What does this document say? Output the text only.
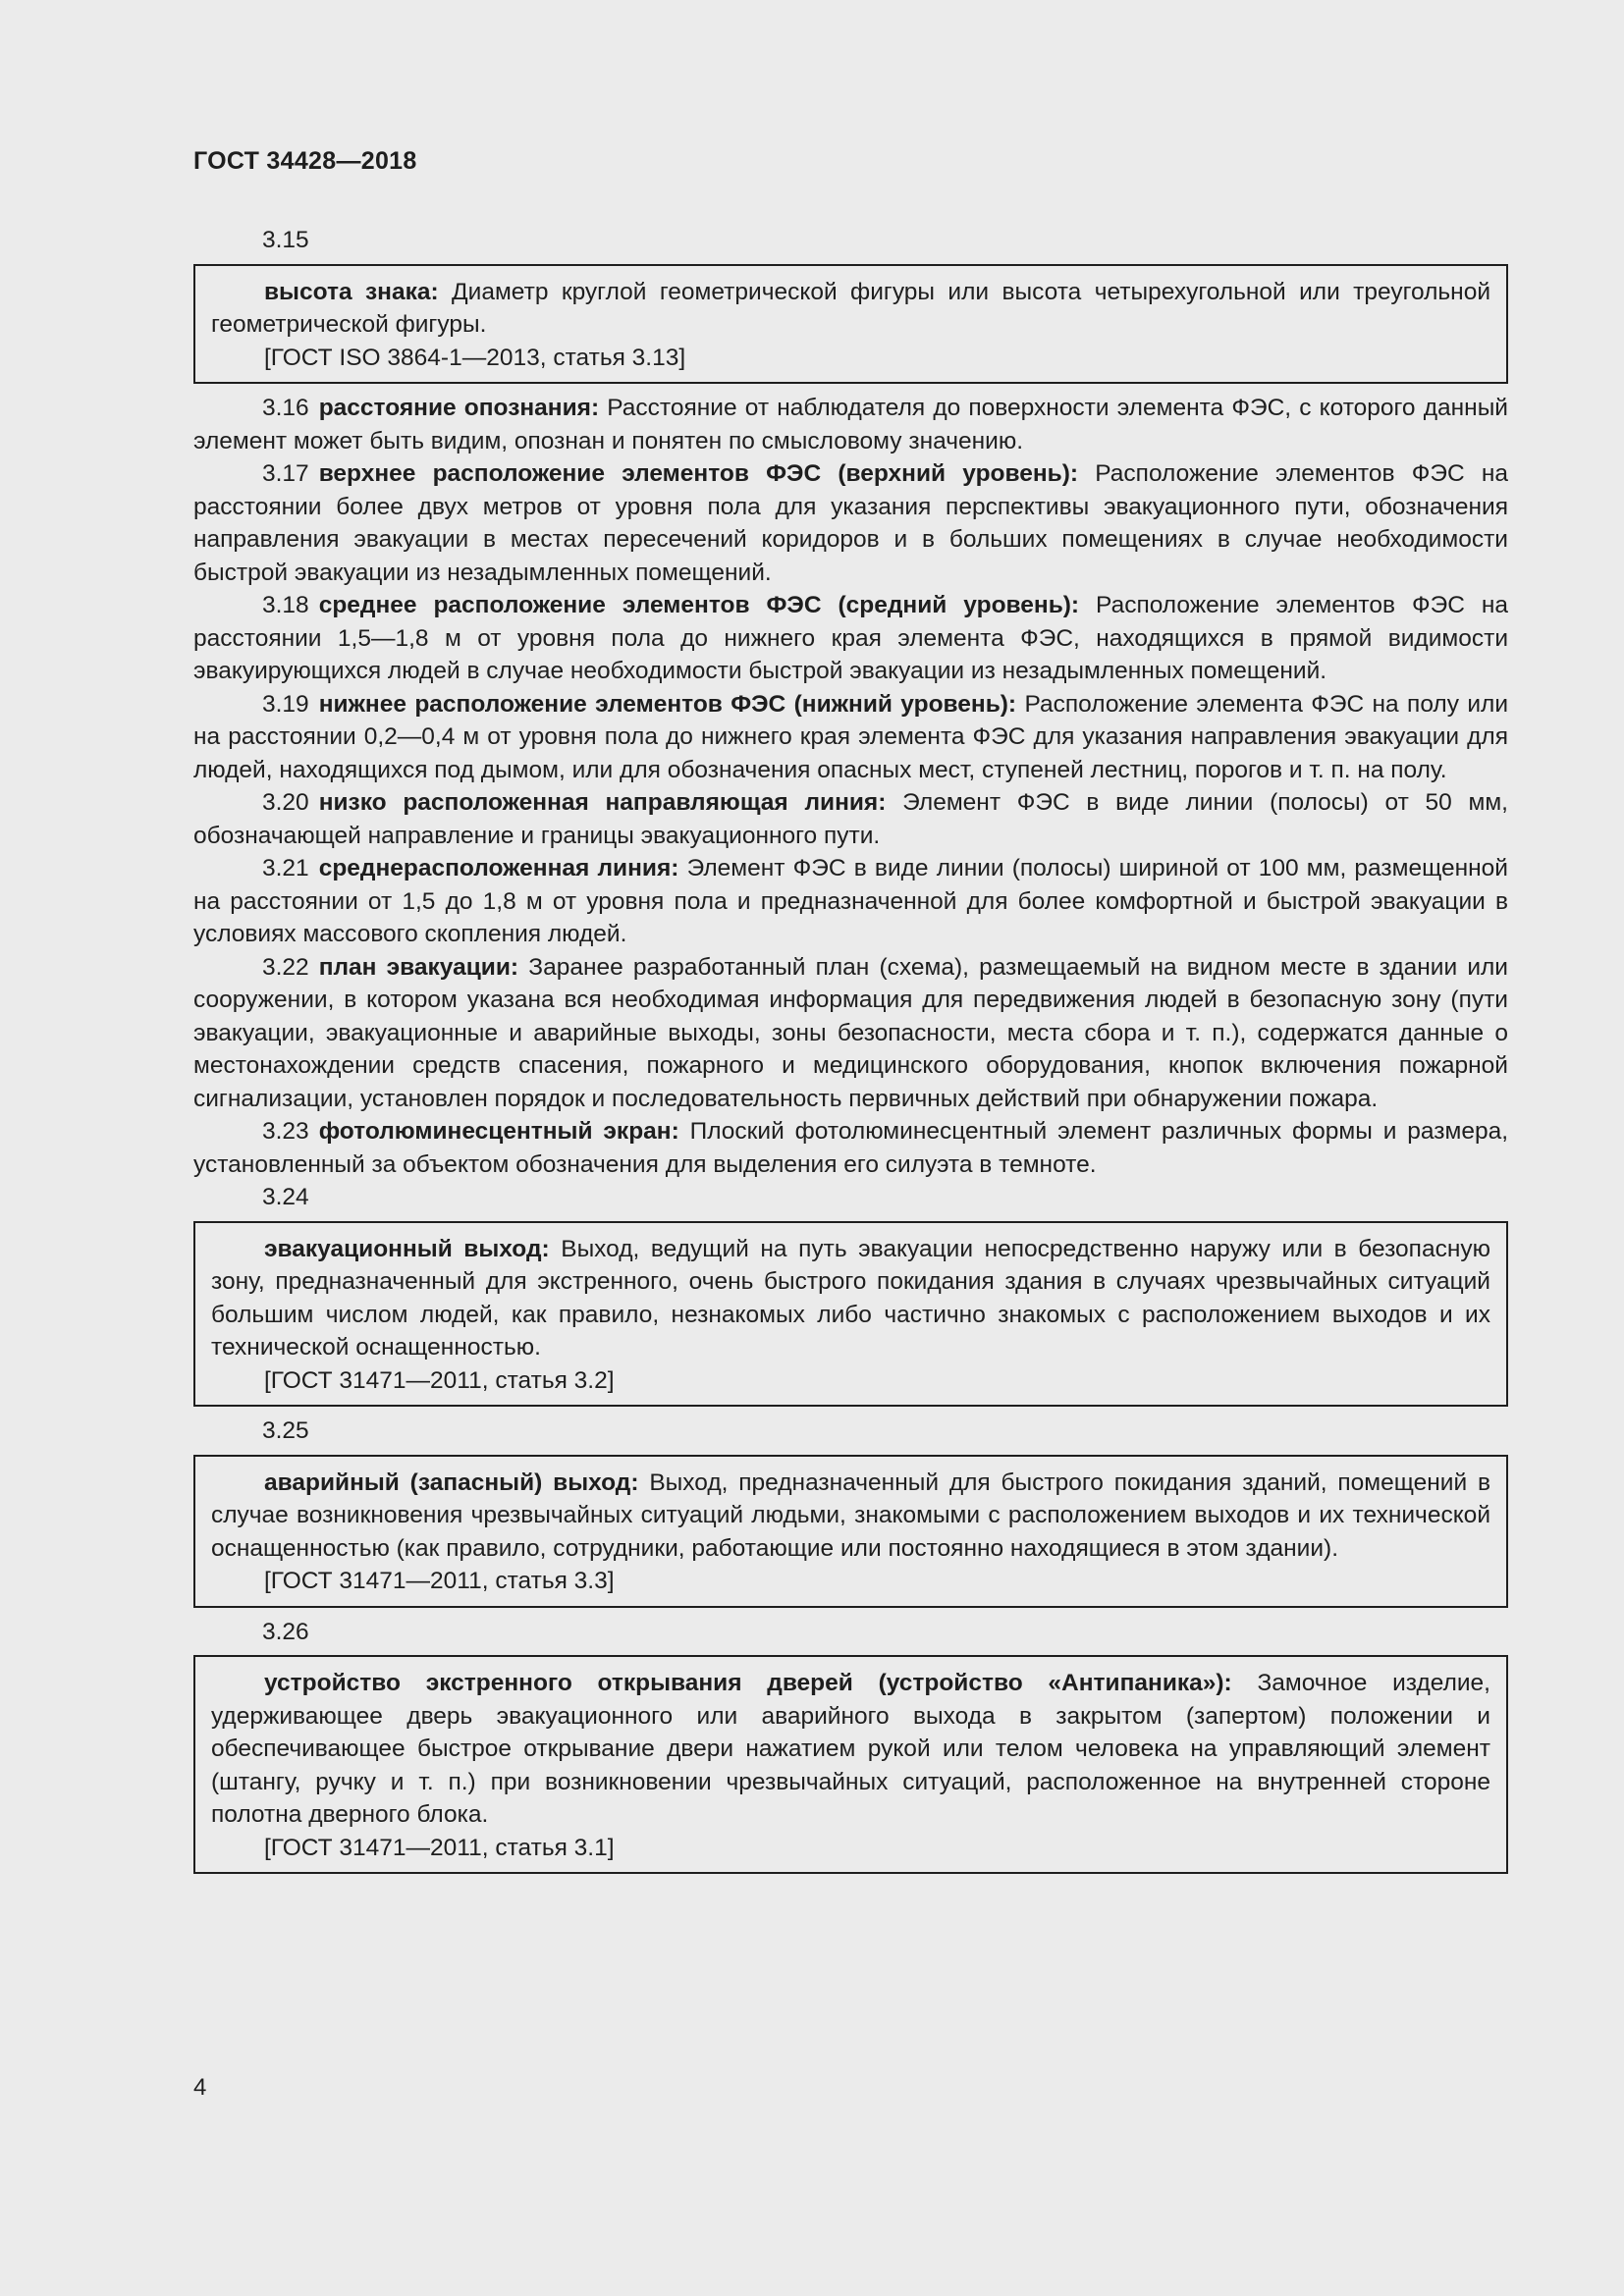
ГОСТ 34428—2018
3.15

высота знака: Диаметр круглой геометрической фигуры или высота четырехугольной или треугольной геометрической фигуры.

[ГОСТ ISO 3864-1—2013, статья 3.13]

3.16 расстояние опознания: Расстояние от наблюдателя до поверхности элемента ФЭС, с которого данный элемент может быть видим, опознан и понятен по смысловому значению.

3.17 верхнее расположение элементов ФЭС (верхний уровень): Расположение элементов ФЭС на расстоянии более двух метров от уровня пола для указания перспективы эвакуационного пути, обозначения направления эвакуации в местах пересечений коридоров и в больших помещениях в случае необходимости быстрой эвакуации из незадымленных помещений.

3.18 среднее расположение элементов ФЭС (средний уровень): Расположение элементов ФЭС на расстоянии 1,5—1,8 м от уровня пола до нижнего края элемента ФЭС, находящихся в прямой видимости эвакуирующихся людей в случае необходимости быстрой эвакуации из незадымленных помещений.

3.19 нижнее расположение элементов ФЭС (нижний уровень): Расположение элемента ФЭС на полу или на расстоянии 0,2—0,4 м от уровня пола до нижнего края элемента ФЭС для указания направления эвакуации для людей, находящихся под дымом, или для обозначения опасных мест, ступеней лестниц, порогов и т. п. на полу.

3.20 низко расположенная направляющая линия: Элемент ФЭС в виде линии (полосы) от 50 мм, обозначающей направление и границы эвакуационного пути.

3.21 среднерасположенная линия: Элемент ФЭС в виде линии (полосы) шириной от 100 мм, размещенной на расстоянии от 1,5 до 1,8 м от уровня пола и предназначенной для более комфортной и быстрой эвакуации в условиях массового скопления людей.

3.22 план эвакуации: Заранее разработанный план (схема), размещаемый на видном месте в здании или сооружении, в котором указана вся необходимая информация для передвижения людей в безопасную зону (пути эвакуации, эвакуационные и аварийные выходы, зоны безопасности, места сбора и т. п.), содержатся данные о местонахождении средств спасения, пожарного и медицинского оборудования, кнопок включения пожарной сигнализации, установлен порядок и последовательность первичных действий при обнаружении пожара.

3.23 фотолюминесцентный экран: Плоский фотолюминесцентный элемент различных формы и размера, установленный за объектом обозначения для выделения его силуэта в темноте.

3.24

эвакуационный выход: Выход, ведущий на путь эвакуации непосредственно наружу или в безопасную зону, предназначенный для экстренного, очень быстрого покидания здания в случаях чрезвычайных ситуаций большим числом людей, как правило, незнакомых либо частично знакомых с расположением выходов и их технической оснащенностью.

[ГОСТ 31471—2011, статья 3.2]

3.25

аварийный (запасный) выход: Выход, предназначенный для быстрого покидания зданий, помещений в случае возникновения чрезвычайных ситуаций людьми, знакомыми с расположением выходов и их технической оснащенностью (как правило, сотрудники, работающие или постоянно находящиеся в этом здании).

[ГОСТ 31471—2011, статья 3.3]

3.26

устройство экстренного открывания дверей (устройство «Антипаника»): Замочное изделие, удерживающее дверь эвакуационного или аварийного выхода в закрытом (запертом) положении и обеспечивающее быстрое открывание двери нажатием рукой или телом человека на управляющий элемент (штангу, ручку и т. п.) при возникновении чрезвычайных ситуаций, расположенное на внутренней стороне полотна дверного блока.

[ГОСТ 31471—2011, статья 3.1]

4
